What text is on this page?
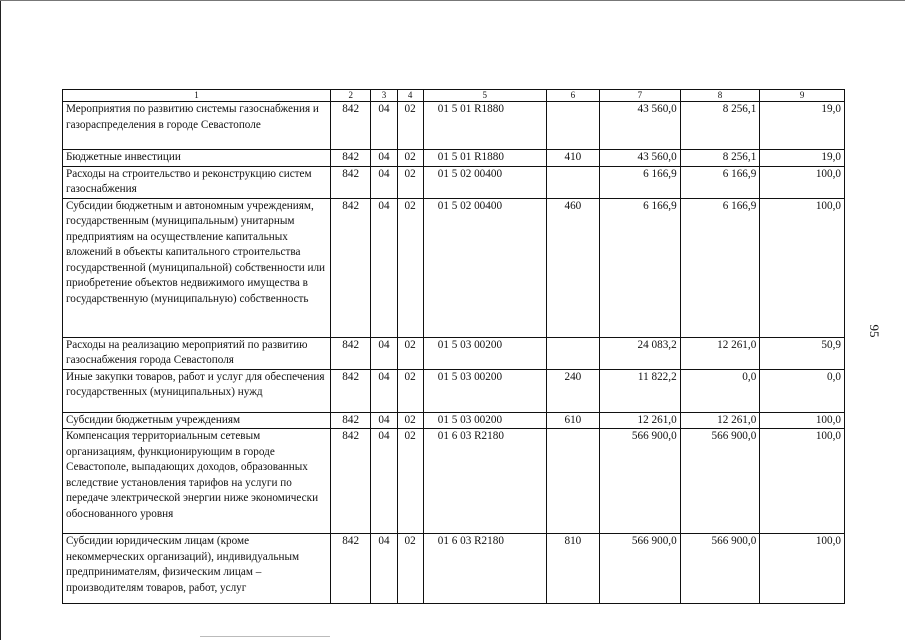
1	2	3	4	5	6	7	8	9
Мероприятия по развитию системы газоснабжения и газораспределения в городе Севастополе	842	04	02	01 5 01 R1880		43 560,0	8 256,1	19,0
Бюджетные инвестиции	842	04	02	01 5 01 R1880	410	43 560,0	8 256,1	19,0
Расходы на строительство и реконструкцию систем газоснабжения	842	04	02	01 5 02 00400		6 166,9	6 166,9	100,0
Субсидии бюджетным и автономным учреждениям, государственным (муниципальным) унитарным предприятиям на осуществление капитальных вложений в объекты капитального строительства государственной (муниципальной) собственности или приобретение объектов недвижимого имущества в государственную (муниципальную) собственность	842	04	02	01 5 02 00400	460	6 166,9	6 166,9	100,0
Расходы на реализацию мероприятий по развитию газоснабжения города Севастополя	842	04	02	01 5 03 00200		24 083,2	12 261,0	50,9
Иные закупки товаров, работ и услуг для обеспечения государственных (муниципальных) нужд	842	04	02	01 5 03 00200	240	11 822,2	0,0	0,0
Субсидии бюджетным учреждениям	842	04	02	01 5 03 00200	610	12 261,0	12 261,0	100,0
Компенсация территориальным сетевым организациям, функционирующим в городе Севастополе, выпадающих доходов, образованных вследствие установления тарифов на услуги по передаче электрической энергии ниже экономически обоснованного уровня	842	04	02	01 6 03 R2180		566 900,0	566 900,0	100,0
Субсидии юридическим лицам (кроме некоммерческих организаций), индивидуальным предпринимателям, физическим лицам – производителям товаров, работ, услуг	842	04	02	01 6 03 R2180	810	566 900,0	566 900,0	100,0
95
